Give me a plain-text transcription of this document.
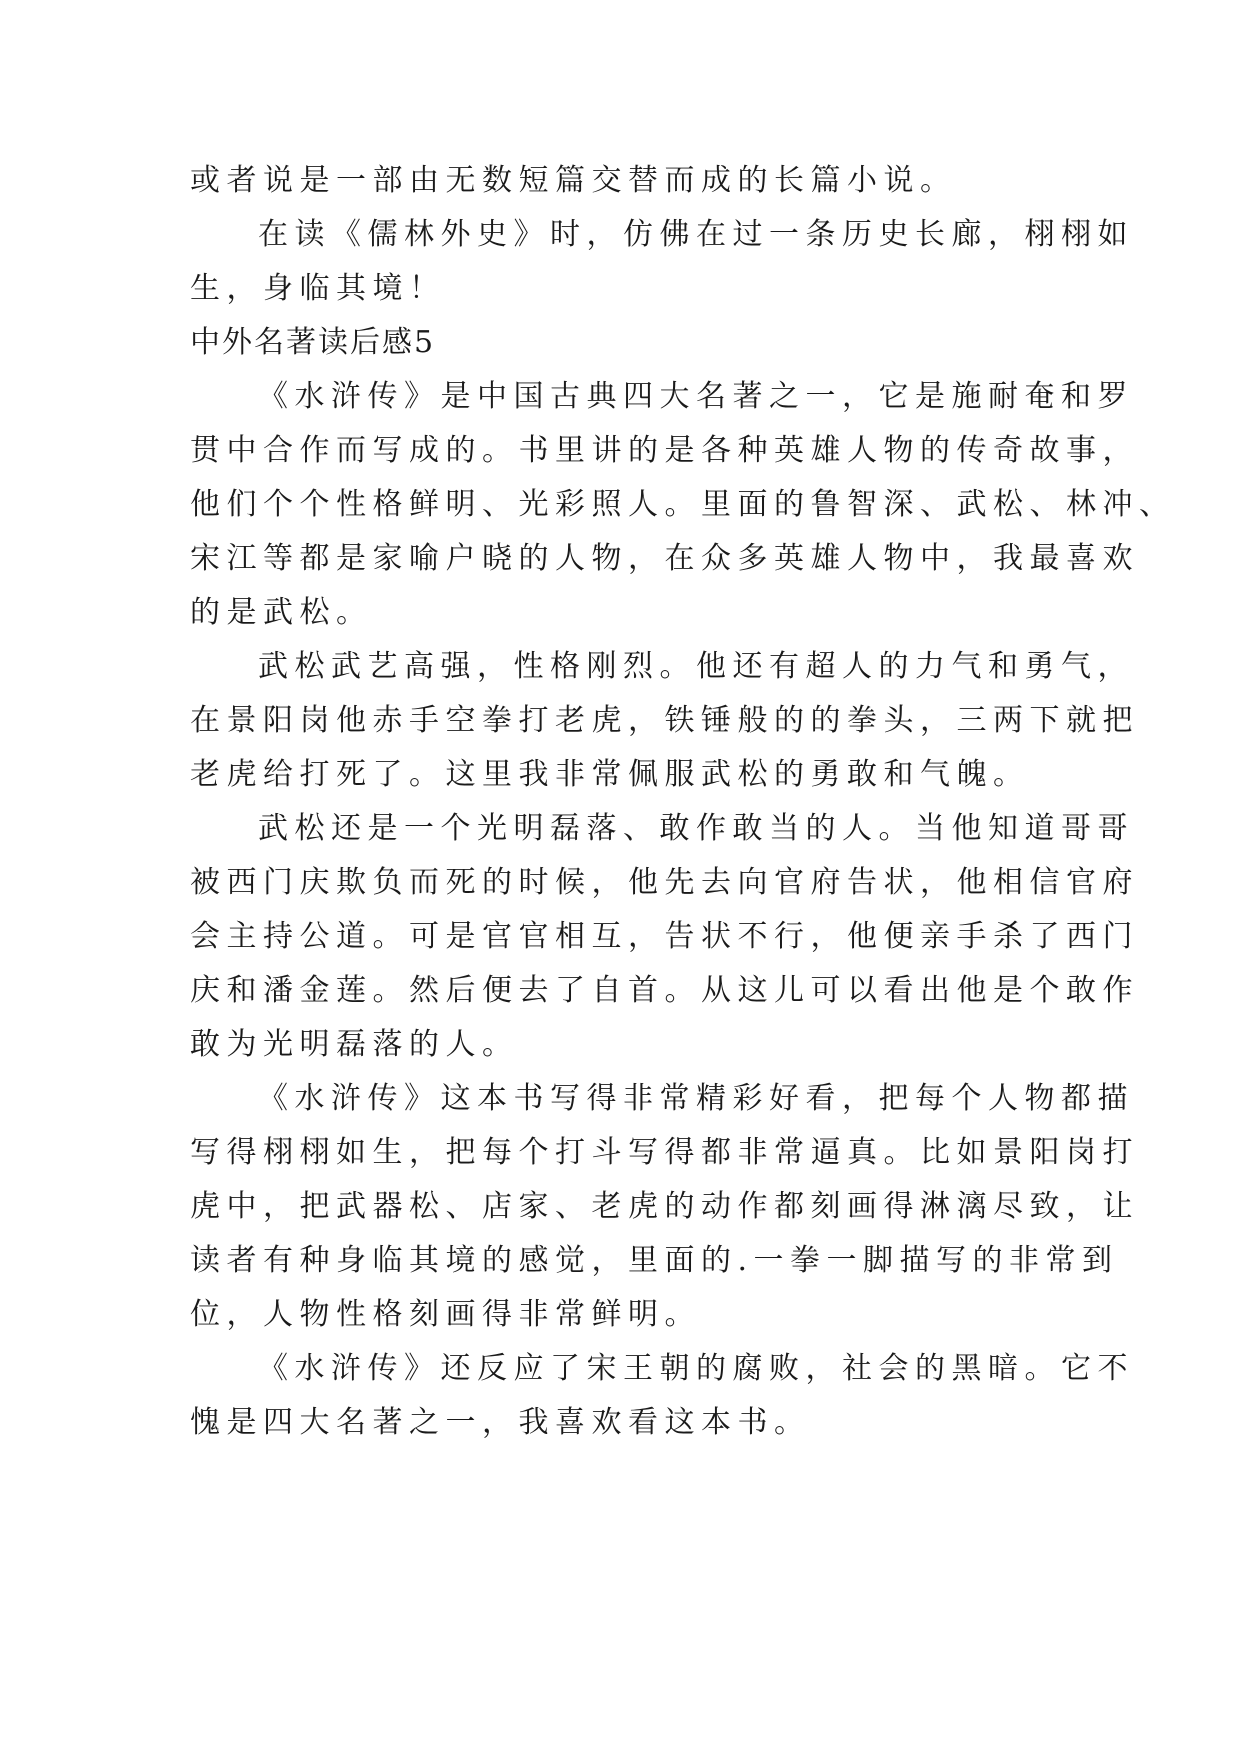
或者说是一部由无数短篇交替而成的长篇小说。
在读《儒林外史》时，仿佛在过一条历史长廊，栩栩如
生，身临其境！
中外名著读后感5
《水浒传》是中国古典四大名著之一，它是施耐奄和罗
贯中合作而写成的。书里讲的是各种英雄人物的传奇故事，
他们个个性格鲜明、光彩照人。里面的鲁智深、武松、林冲、
宋江等都是家喻户晓的人物，在众多英雄人物中，我最喜欢
的是武松。
武松武艺高强，性格刚烈。他还有超人的力气和勇气，
在景阳岗他赤手空拳打老虎，铁锤般的的拳头，三两下就把
老虎给打死了。这里我非常佩服武松的勇敢和气魄。
武松还是一个光明磊落、敢作敢当的人。当他知道哥哥
被西门庆欺负而死的时候，他先去向官府告状，他相信官府
会主持公道。可是官官相互，告状不行，他便亲手杀了西门
庆和潘金莲。然后便去了自首。从这儿可以看出他是个敢作
敢为光明磊落的人。
《水浒传》这本书写得非常精彩好看，把每个人物都描
写得栩栩如生，把每个打斗写得都非常逼真。比如景阳岗打
虎中，把武器松、店家、老虎的动作都刻画得淋漓尽致，让
读者有种身临其境的感觉，里面的.一拳一脚描写的非常到
位，人物性格刻画得非常鲜明。
《水浒传》还反应了宋王朝的腐败，社会的黑暗。它不
愧是四大名著之一，我喜欢看这本书。
